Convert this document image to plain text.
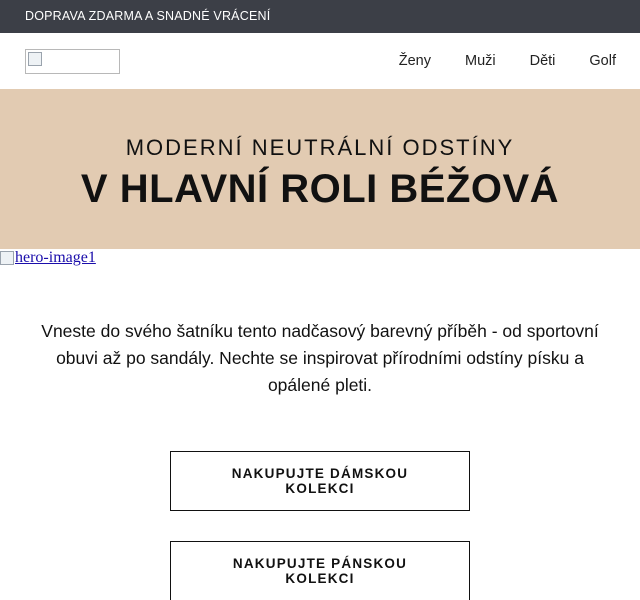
DOPRAVA ZDARMA A SNADNÉ VRÁCENÍ
Ženy Muži Děti Golf
MODERNÍ NEUTRÁLNÍ ODSTÍNY
V HLAVNÍ ROLI BÉŽOVÁ
hero-image1

Vneste do svého šatníku tento nadčasový barevný příběh - od sportovní obuvi až po sandály. Nechte se inspirovat přírodními odstíny písku a opálené pleti.

NAKUPUJTE DÁMSKOU KOLEKCI
NAKUPUJTE PÁNSKOU KOLEKCI
